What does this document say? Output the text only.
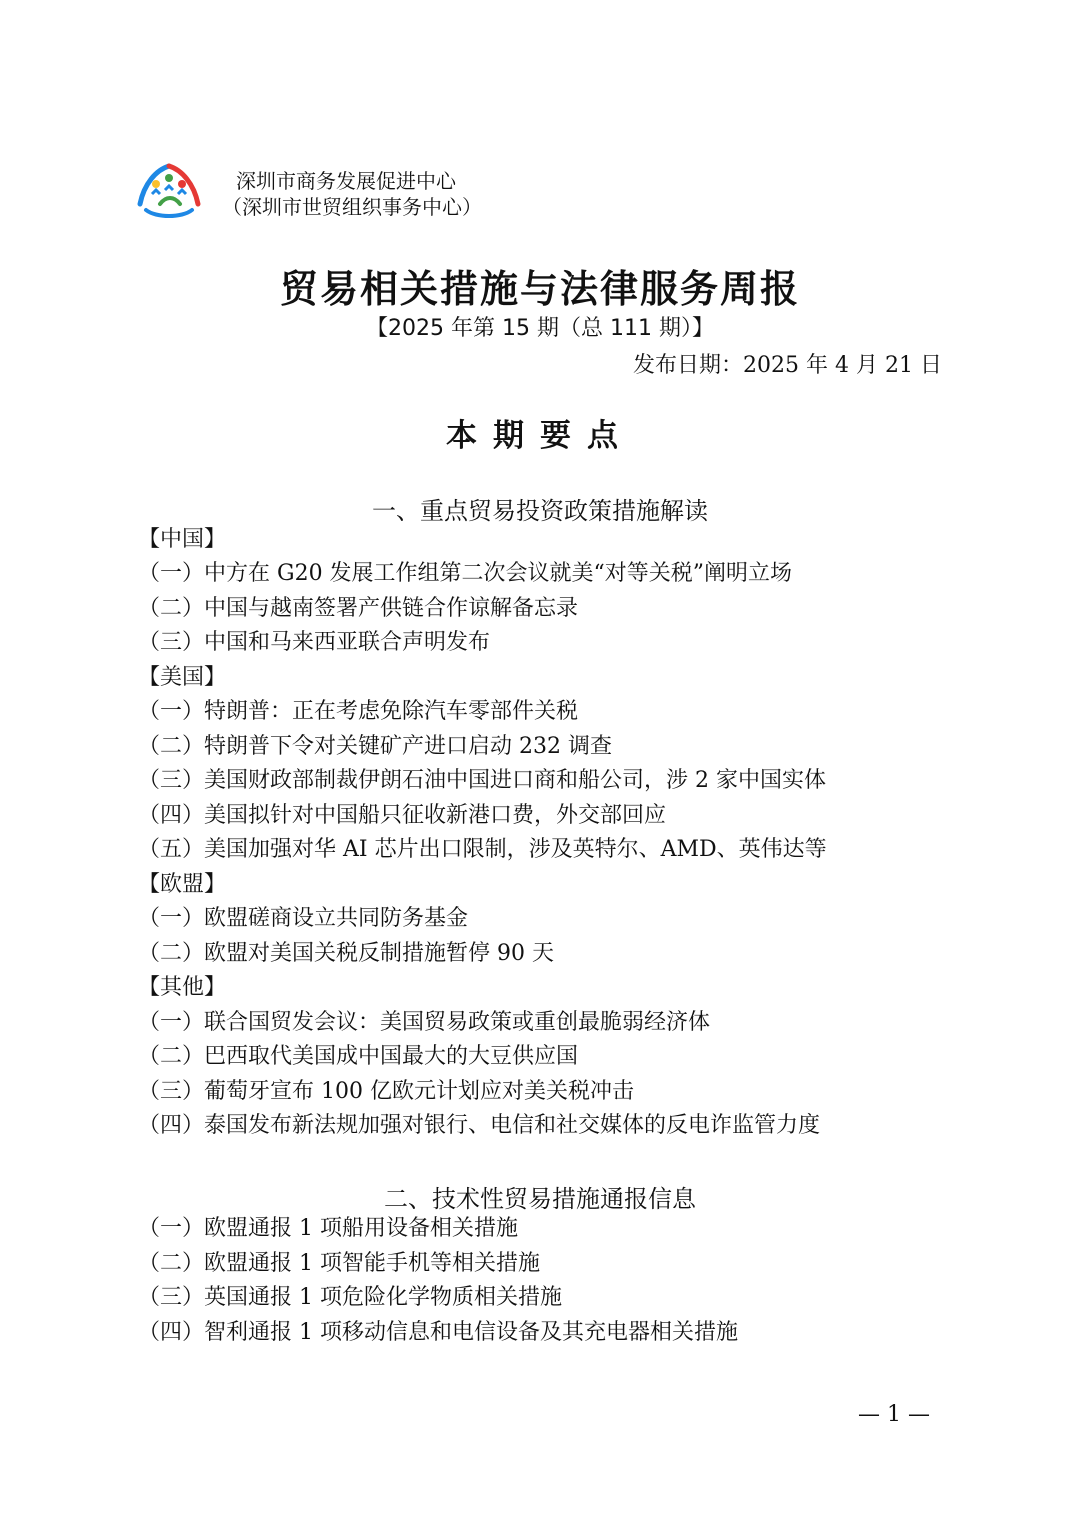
深圳市商务发展促进中心
（深圳市世贸组织事务中心）
贸易相关措施与法律服务周报
【2025 年第 15 期（总 111 期）】
发布日期：2025 年 4 月 21 日
本期要点
一、重点贸易投资政策措施解读
【中国】
（一）中方在 G20 发展工作组第二次会议就美“对等关税”阐明立场
（二）中国与越南签署产供链合作谅解备忘录
（三）中国和马来西亚联合声明发布
【美国】
（一）特朗普：正在考虑免除汽车零部件关税
（二）特朗普下令对关键矿产进口启动 232 调查
（三）美国财政部制裁伊朗石油中国进口商和船公司，涉 2 家中国实体
（四）美国拟针对中国船只征收新港口费，外交部回应
（五）美国加强对华 AI 芯片出口限制，涉及英特尔、AMD、英伟达等
【欧盟】
（一）欧盟磋商设立共同防务基金
（二）欧盟对美国关税反制措施暂停 90 天
【其他】
（一）联合国贸发会议：美国贸易政策或重创最脆弱经济体
（二）巴西取代美国成中国最大的大豆供应国
（三）葡萄牙宣布 100 亿欧元计划应对美关税冲击
（四）泰国发布新法规加强对银行、电信和社交媒体的反电诈监管力度
二、技术性贸易措施通报信息
（一）欧盟通报 1 项船用设备相关措施
（二）欧盟通报 1 项智能手机等相关措施
（三）英国通报 1 项危险化学物质相关措施
（四）智利通报 1 项移动信息和电信设备及其充电器相关措施
— 1 —
